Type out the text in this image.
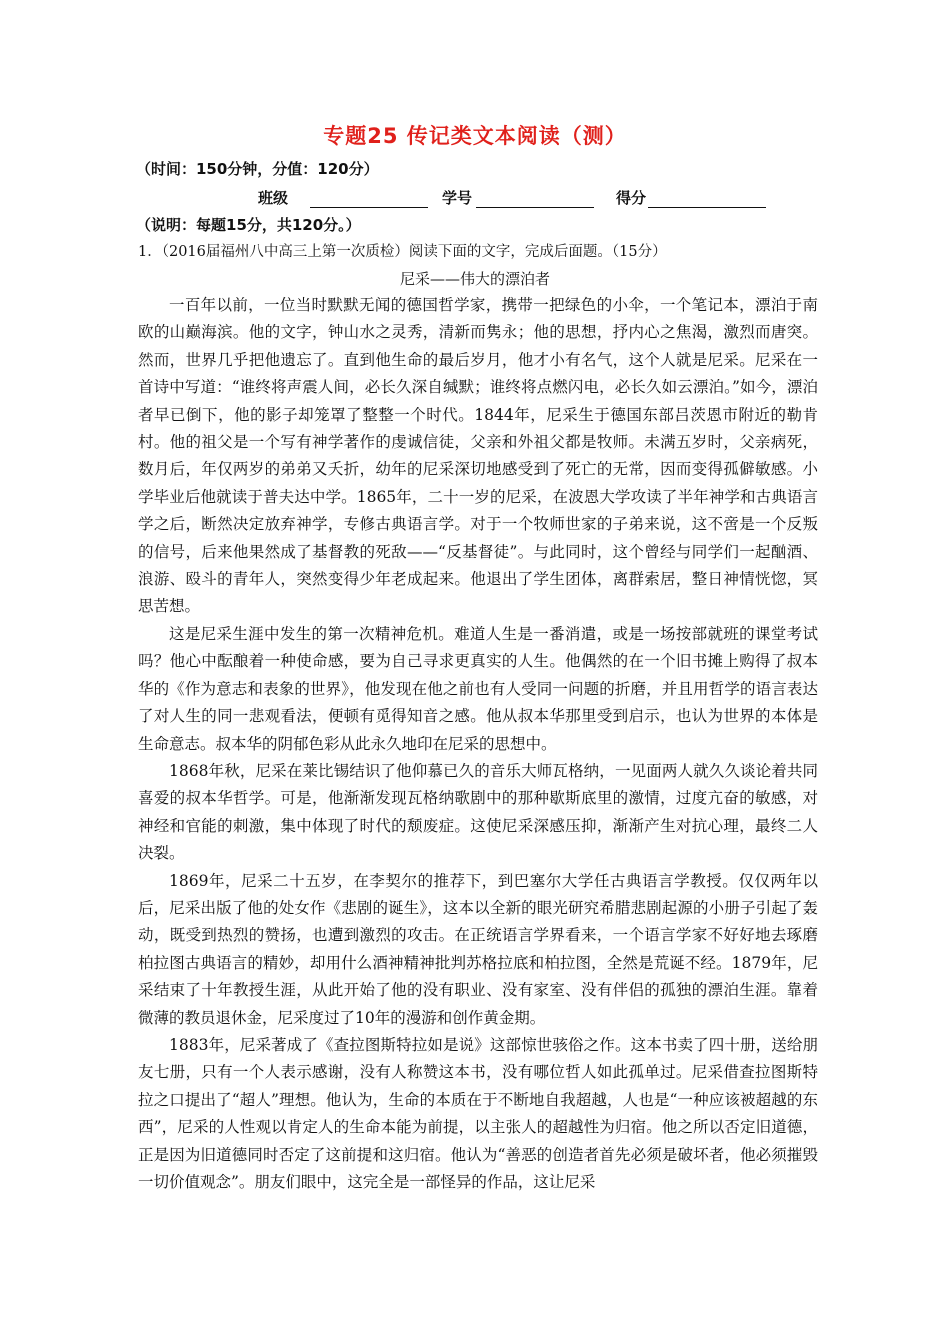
专题25 传记类文本阅读（测）
（时间：150分钟，分值：120分）
班级	学号	得分
（说明：每题15分，共120分。）
1．（2016届福州八中高三上第一次质检）阅读下面的文字，完成后面题。（15分）
尼采——伟大的漂泊者

一百年以前，一位当时默默无闻的德国哲学家，携带一把绿色的小伞，一个笔记本，漂泊于南欧的山巅海滨。他的文字，钟山水之灵秀，清新而隽永；他的思想，抒内心之焦渴，激烈而唐突。然而，世界几乎把他遗忘了。直到他生命的最后岁月，他才小有名气，这个人就是尼采。尼采在一首诗中写道：“谁终将声震人间，必长久深自缄默；谁终将点燃闪电，必长久如云漂泊。”如今，漂泊者早已倒下，他的影子却笼罩了整整一个时代。1844年，尼采生于德国东部吕茨恩市附近的勒肯村。他的祖父是一个写有神学著作的虔诚信徒，父亲和外祖父都是牧师。未满五岁时，父亲病死，数月后，年仅两岁的弟弟又夭折，幼年的尼采深切地感受到了死亡的无常，因而变得孤僻敏感。小学毕业后他就读于普夫达中学。1865年，二十一岁的尼采，在波恩大学攻读了半年神学和古典语言学之后，断然决定放弃神学，专修古典语言学。对于一个牧师世家的子弟来说，这不啻是一个反叛的信号，后来他果然成了基督教的死敌——“反基督徒”。与此同时，这个曾经与同学们一起酗酒、浪游、殴斗的青年人，突然变得少年老成起来。他退出了学生团体，离群索居，整日神情恍惚，冥思苦想。

这是尼采生涯中发生的第一次精神危机。难道人生是一番消遣，或是一场按部就班的课堂考试吗？他心中酝酿着一种使命感，要为自己寻求更真实的人生。他偶然的在一个旧书摊上购得了叔本华的《作为意志和表象的世界》，他发现在他之前也有人受同一问题的折磨，并且用哲学的语言表达了对人生的同一悲观看法，便顿有觅得知音之感。他从叔本华那里受到启示，也认为世界的本体是生命意志。叔本华的阴郁色彩从此永久地印在尼采的思想中。

1868年秋，尼采在莱比锡结识了他仰慕已久的音乐大师瓦格纳，一见面两人就久久谈论着共同喜爱的叔本华哲学。可是，他渐渐发现瓦格纳歌剧中的那种歇斯底里的激情，过度亢奋的敏感，对神经和官能的刺激，集中体现了时代的颓废症。这使尼采深感压抑，渐渐产生对抗心理，最终二人决裂。

1869年，尼采二十五岁，在李契尔的推荐下，到巴塞尔大学任古典语言学教授。仅仅两年以后，尼采出版了他的处女作《悲剧的诞生》，这本以全新的眼光研究希腊悲剧起源的小册子引起了轰动，既受到热烈的赞扬，也遭到激烈的攻击。在正统语言学界看来，一个语言学家不好好地去琢磨柏拉图古典语言的精妙，却用什么酒神精神批判苏格拉底和柏拉图，全然是荒诞不经。1879年，尼采结束了十年教授生涯，从此开始了他的没有职业、没有家室、没有伴侣的孤独的漂泊生涯。靠着微薄的教员退休金，尼采度过了10年的漫游和创作黄金期。

1883年，尼采著成了《查拉图斯特拉如是说》这部惊世骇俗之作。这本书卖了四十册，送给朋友七册，只有一个人表示感谢，没有人称赞这本书，没有哪位哲人如此孤单过。尼采借查拉图斯特拉之口提出了“超人”理想。他认为，生命的本质在于不断地自我超越，人也是“一种应该被超越的东西”，尼采的人性观以肯定人的生命本能为前提，以主张人的超越性为归宿。他之所以否定旧道德，正是因为旧道德同时否定了这前提和这归宿。他认为“善恶的创造者首先必须是破坏者，他必须摧毁一切价值观念”。朋友们眼中，这完全是一部怪异的作品，这让尼采
